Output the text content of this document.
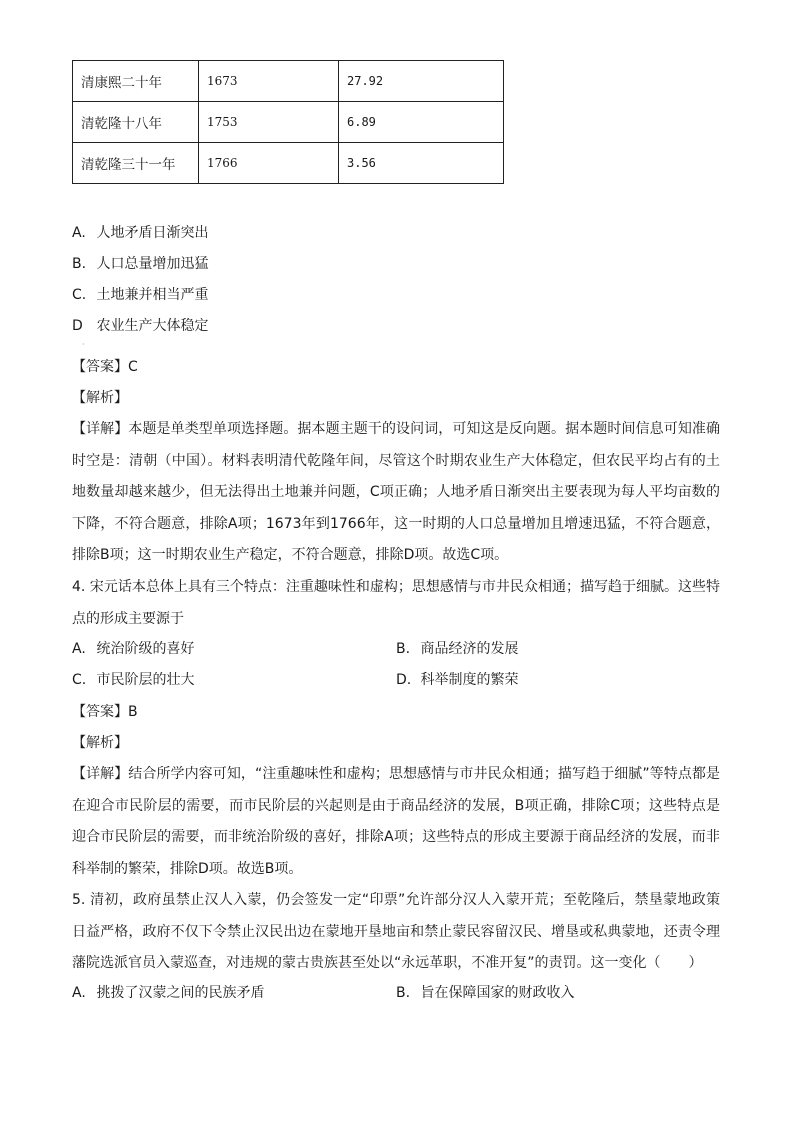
清康熙二十年	1673	27.92
清乾隆十八年	1753	6.89
清乾隆三十一年	1766	3.56
A. 人地矛盾日渐突出
B. 人口总量增加迅猛
C. 土地兼并相当严重
D 农业生产大体稳定
·
【答案】C
【解析】
【详解】本题是单类型单项选择题。据本题主题干的设问词，可知这是反向题。据本题时间信息可知准确时空是：清朝（中国）。材料表明清代乾隆年间，尽管这个时期农业生产大体稳定，但农民平均占有的土地数量却越来越少，但无法得出土地兼并问题，C项正确；人地矛盾日渐突出主要表现为每人平均亩数的下降，不符合题意，排除A项；1673年到1766年，这一时期的人口总量增加且增速迅猛，不符合题意，排除B项；这一时期农业生产稳定，不符合题意，排除D项。故选C项。
4. 宋元话本总体上具有三个特点：注重趣味性和虚构；思想感情与市井民众相通；描写趋于细腻。这些特点的形成主要源于
A. 统治阶级的喜好	B. 商品经济的发展
C. 市民阶层的壮大	D. 科举制度的繁荣
【答案】B
【解析】
【详解】结合所学内容可知，“注重趣味性和虚构；思想感情与市井民众相通；描写趋于细腻”等特点都是在迎合市民阶层的需要，而市民阶层的兴起则是由于商品经济的发展，B项正确，排除C项；这些特点是迎合市民阶层的需要，而非统治阶级的喜好，排除A项；这些特点的形成主要源于商品经济的发展，而非科举制的繁荣，排除D项。故选B项。
5. 清初，政府虽禁止汉人入蒙，仍会签发一定“印票”允许部分汉人入蒙开荒；至乾隆后，禁垦蒙地政策日益严格，政府不仅下令禁止汉民出边在蒙地开垦地亩和禁止蒙民容留汉民、增垦或私典蒙地，还责令理藩院选派官员入蒙巡查，对违规的蒙古贵族甚至处以“永远革职，不准开复”的责罚。这一变化（　　）
A. 挑拨了汉蒙之间的民族矛盾	B. 旨在保障国家的财政收入
